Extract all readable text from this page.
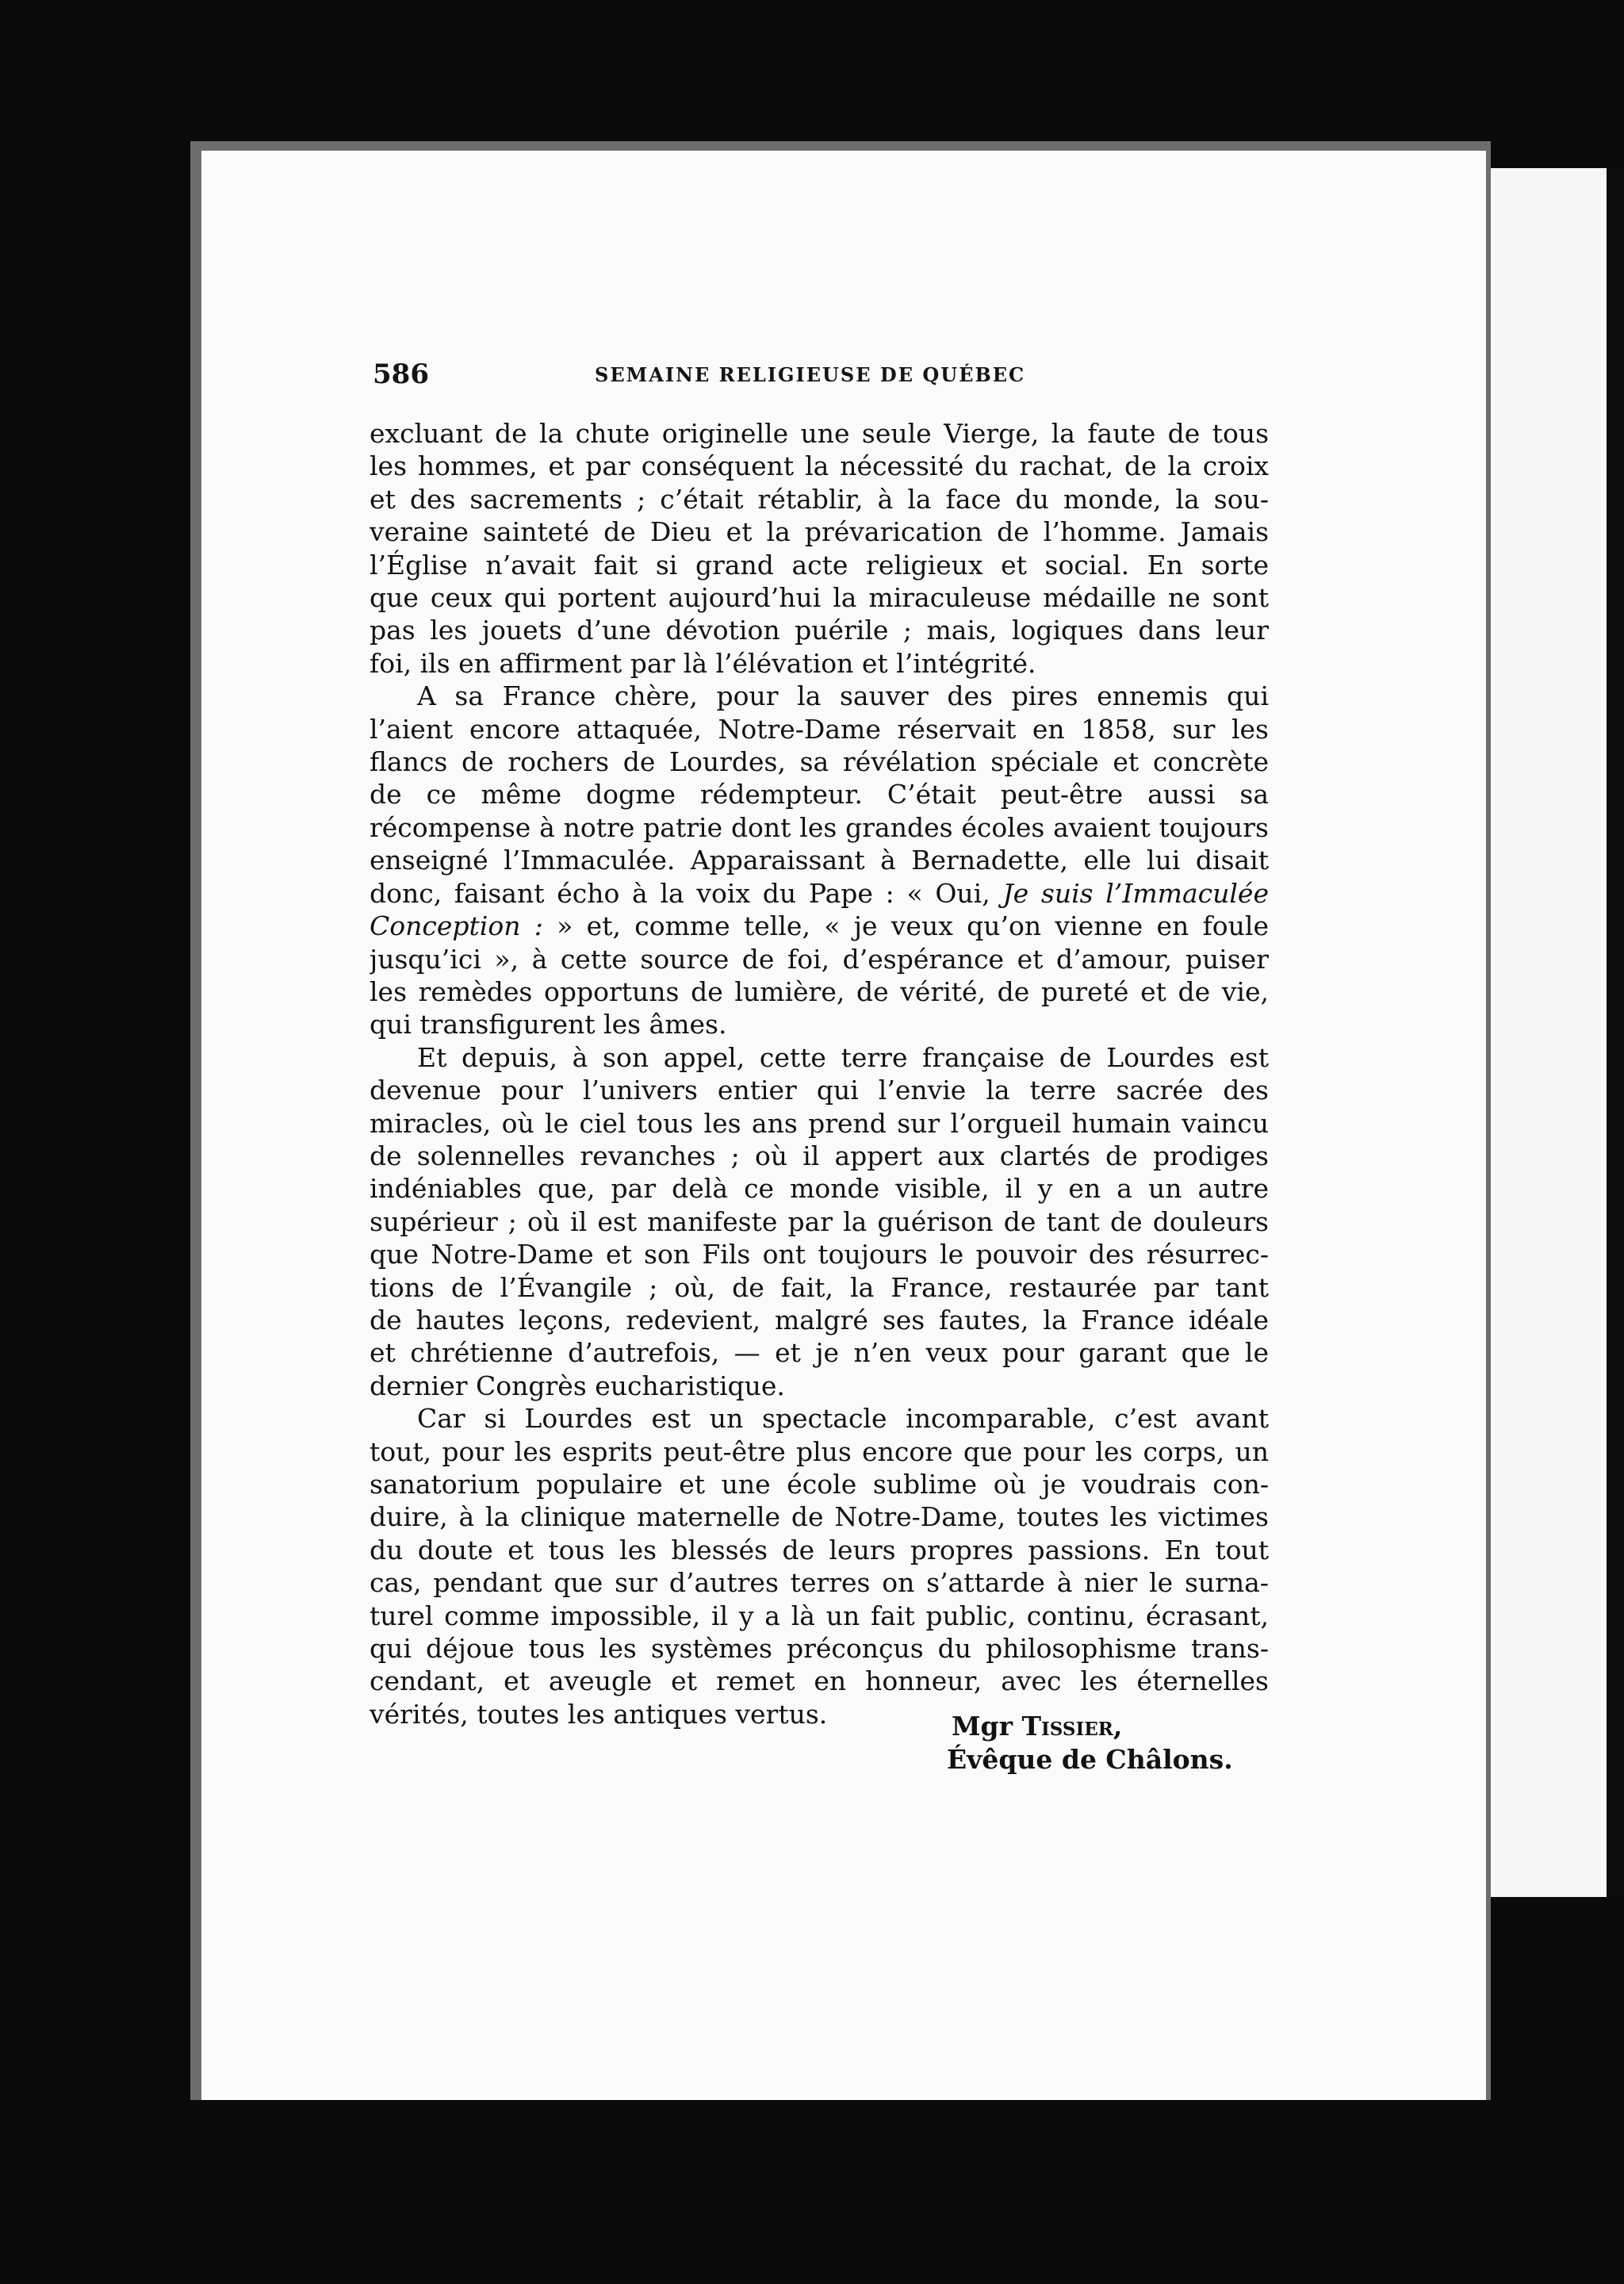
586	SEMAINE RELIGIEUSE DE QUÉBEC
excluant de la chute originelle une seule Vierge, la faute de tous
les hommes, et par conséquent la nécessité du rachat, de la croix
et des sacrements ; c’était rétablir, à la face du monde, la sou-
veraine sainteté de Dieu et la prévarication de l’homme. Jamais
l’Église n’avait fait si grand acte religieux et social. En sorte
que ceux qui portent aujourd’hui la miraculeuse médaille ne sont
pas les jouets d’une dévotion puérile ; mais, logiques dans leur
foi, ils en affirment par là l’élévation et l’intégrité.
A sa France chère, pour la sauver des pires ennemis qui
l’aient encore attaquée, Notre-Dame réservait en 1858, sur les
flancs de rochers de Lourdes, sa révélation spéciale et concrète
de ce même dogme rédempteur. C’était peut-être aussi sa
récompense à notre patrie dont les grandes écoles avaient toujours
enseigné l’Immaculée. Apparaissant à Bernadette, elle lui disait
donc, faisant écho à la voix du Pape : « Oui, Je suis l’Immaculée
Conception : » et, comme telle, « je veux qu’on vienne en foule
jusqu’ici », à cette source de foi, d’espérance et d’amour, puiser
les remèdes opportuns de lumière, de vérité, de pureté et de vie,
qui transfigurent les âmes.
Et depuis, à son appel, cette terre française de Lourdes est
devenue pour l’univers entier qui l’envie la terre sacrée des
miracles, où le ciel tous les ans prend sur l’orgueil humain vaincu
de solennelles revanches ; où il appert aux clartés de prodiges
indéniables que, par delà ce monde visible, il y en a un autre
supérieur ; où il est manifeste par la guérison de tant de douleurs
que Notre-Dame et son Fils ont toujours le pouvoir des résurrec-
tions de l’Évangile ; où, de fait, la France, restaurée par tant
de hautes leçons, redevient, malgré ses fautes, la France idéale
et chrétienne d’autrefois, — et je n’en veux pour garant que le
dernier Congrès eucharistique.
Car si Lourdes est un spectacle incomparable, c’est avant
tout, pour les esprits peut-être plus encore que pour les corps, un
sanatorium populaire et une école sublime où je voudrais con-
duire, à la clinique maternelle de Notre-Dame, toutes les victimes
du doute et tous les blessés de leurs propres passions. En tout
cas, pendant que sur d’autres terres on s’attarde à nier le surna-
turel comme impossible, il y a là un fait public, continu, écrasant,
qui déjoue tous les systèmes préconçus du philosophisme trans-
cendant, et aveugle et remet en honneur, avec les éternelles
vérités, toutes les antiques vertus.	Mgr Tissier,
Évêque de Châlons.
